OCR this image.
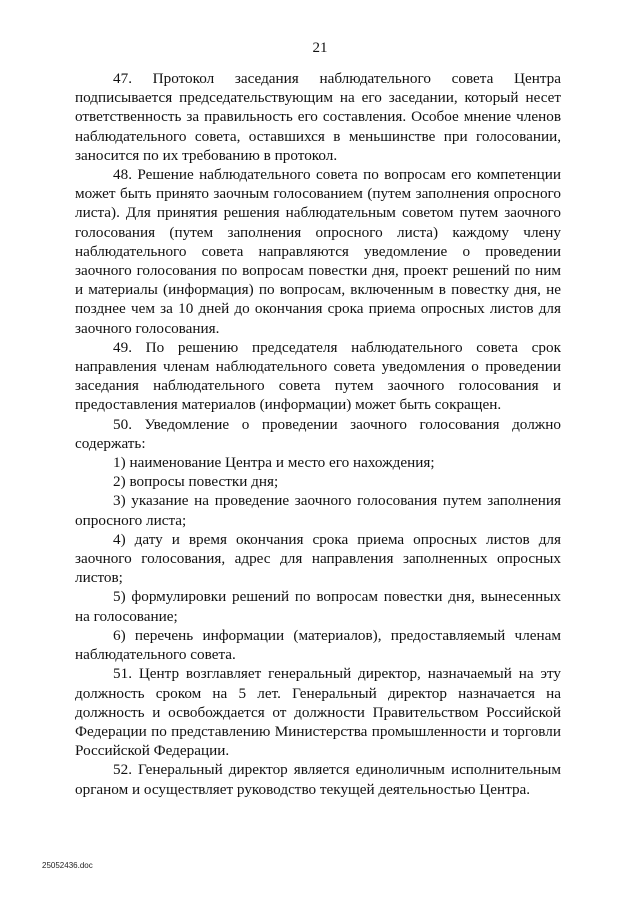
21

47. Протокол заседания наблюдательного совета Центра подписывается председательствующим на его заседании, который несет ответственность за правильность его составления. Особое мнение членов наблюдательного совета, оставшихся в меньшинстве при голосовании, заносится по их требованию в протокол.

48. Решение наблюдательного совета по вопросам его компетенции может быть принято заочным голосованием (путем заполнения опросного листа). Для принятия решения наблюдательным советом путем заочного голосования (путем заполнения опросного листа) каждому члену наблюдательного совета направляются уведомление о проведении заочного голосования по вопросам повестки дня, проект решений по ним и материалы (информация) по вопросам, включенным в повестку дня, не позднее чем за 10 дней до окончания срока приема опросных листов для заочного голосования.

49. По решению председателя наблюдательного совета срок направления членам наблюдательного совета уведомления о проведении заседания наблюдательного совета путем заочного голосования и предоставления материалов (информации) может быть сокращен.

50. Уведомление о проведении заочного голосования должно содержать:

1) наименование Центра и место его нахождения;

2) вопросы повестки дня;

3) указание на проведение заочного голосования путем заполнения опросного листа;

4) дату и время окончания срока приема опросных листов для заочного голосования, адрес для направления заполненных опросных листов;

5) формулировки решений по вопросам повестки дня, вынесенных на голосование;

6) перечень информации (материалов), предоставляемый членам наблюдательного совета.

51. Центр возглавляет генеральный директор, назначаемый на эту должность сроком на 5 лет. Генеральный директор назначается на должность и освобождается от должности Правительством Российской Федерации по представлению Министерства промышленности и торговли Российской Федерации.

52. Генеральный директор является единоличным исполнительным органом и осуществляет руководство текущей деятельностью Центра.

25052436.doc
